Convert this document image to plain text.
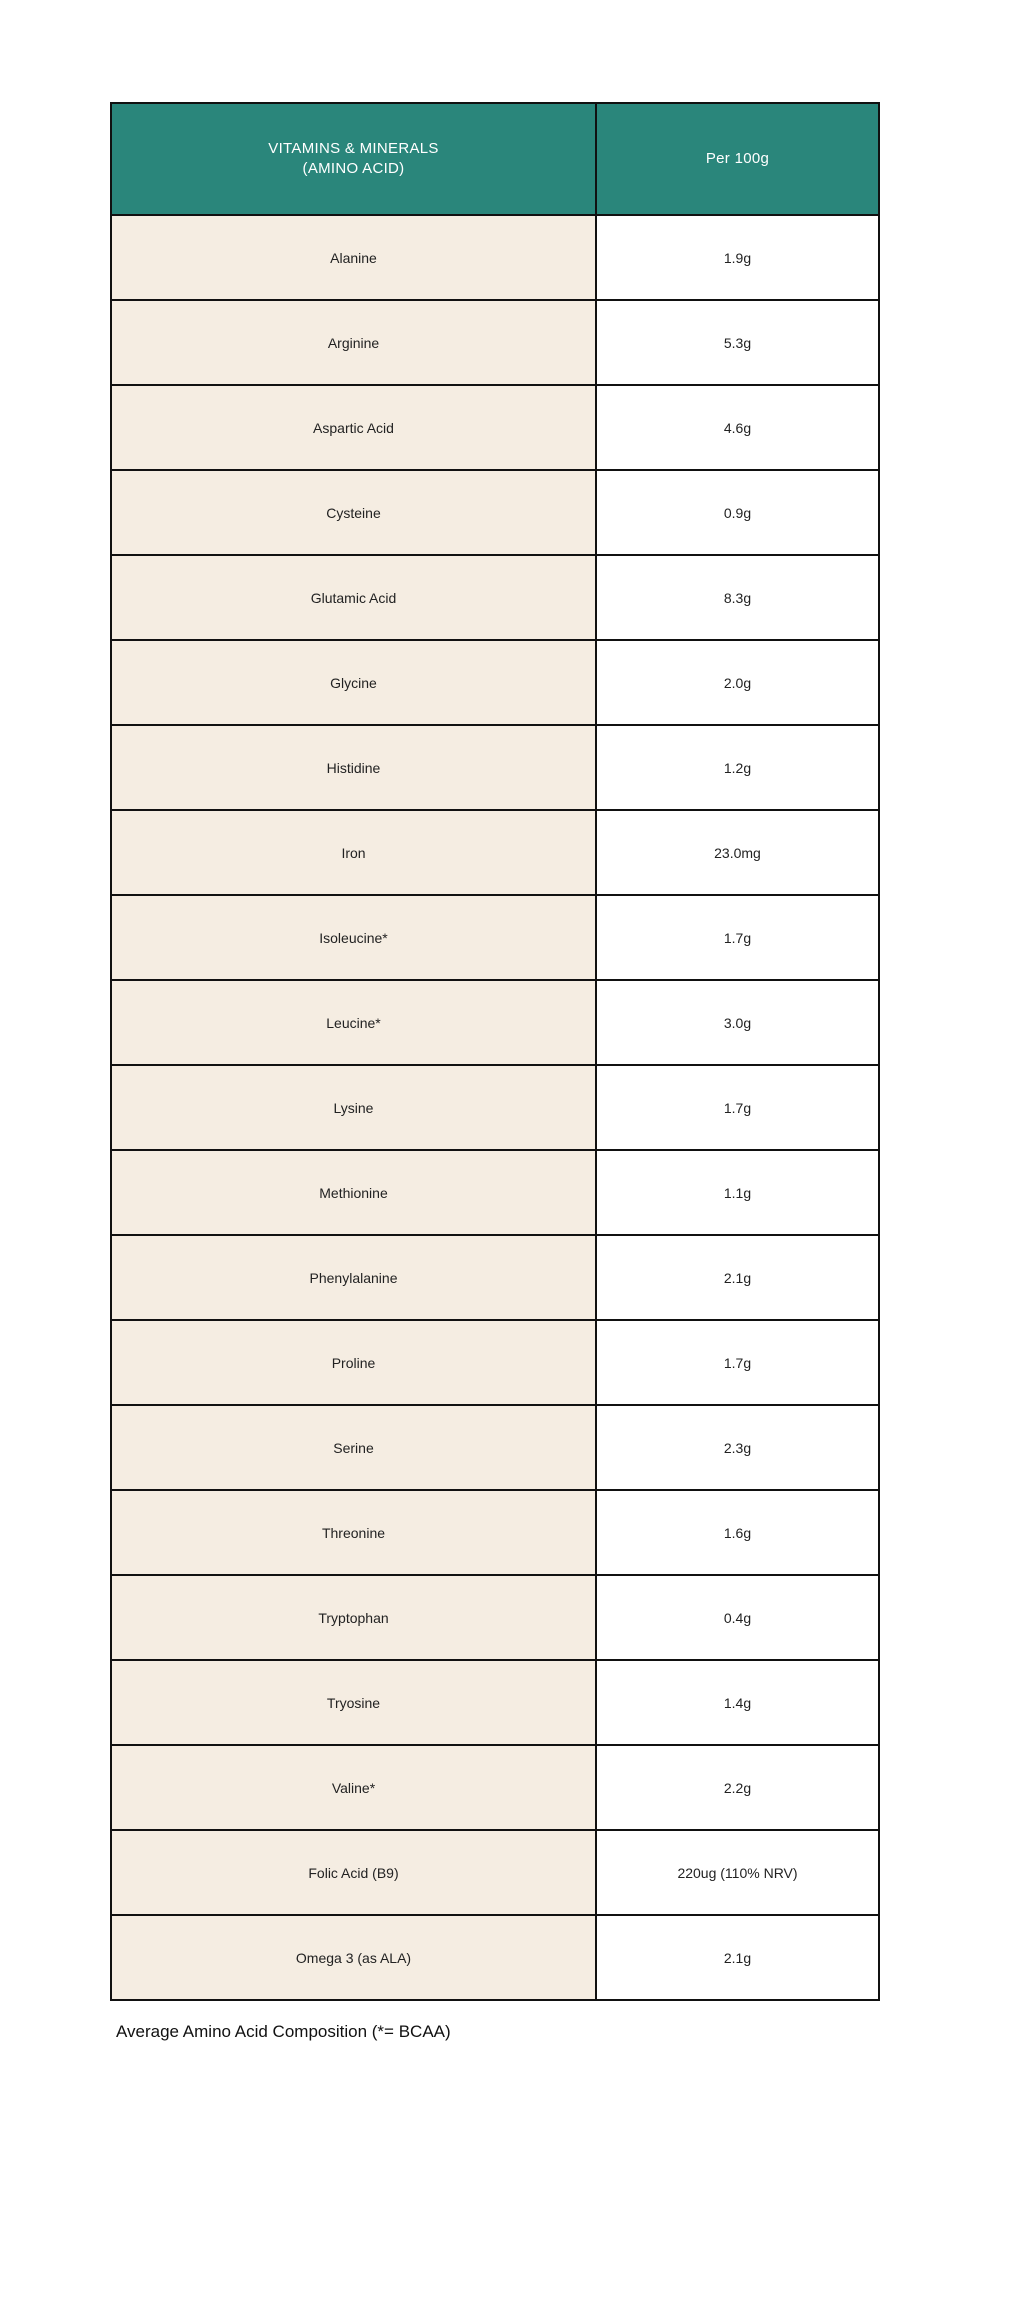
VITAMINS & MINERALS
(AMINO ACID)	Per 100g
Alanine	1.9g
Arginine	5.3g
Aspartic Acid	4.6g
Cysteine	0.9g
Glutamic Acid	8.3g
Glycine	2.0g
Histidine	1.2g
Iron	23.0mg
Isoleucine*	1.7g
Leucine*	3.0g
Lysine	1.7g
Methionine	1.1g
Phenylalanine	2.1g
Proline	1.7g
Serine	2.3g
Threonine	1.6g
Tryptophan	0.4g
Tryosine	1.4g
Valine*	2.2g
Folic Acid (B9)	220ug (110% NRV)
Omega 3 (as ALA)	2.1g
Average Amino Acid Composition (*= BCAA)
